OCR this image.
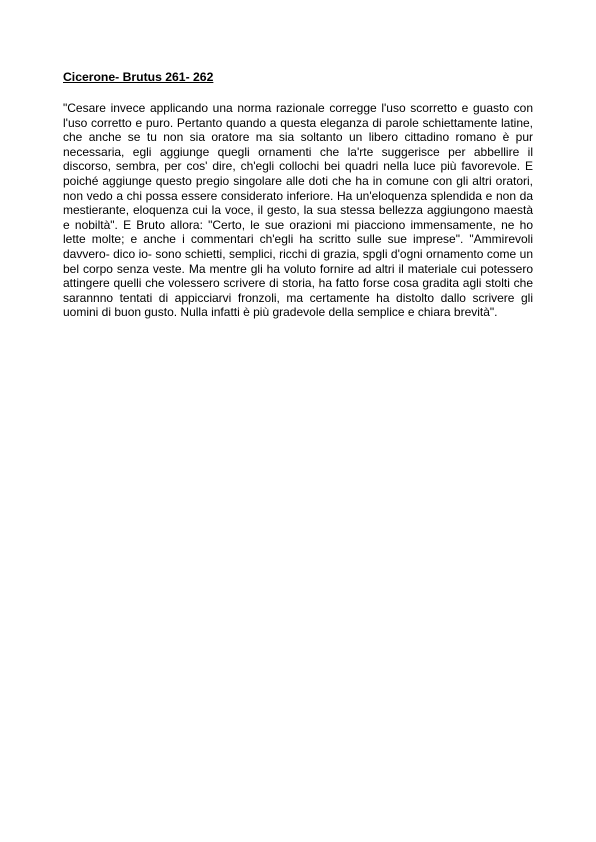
Cicerone- Brutus 261- 262

"Cesare invece applicando una norma razionale corregge l'uso scorretto e guasto con l'uso corretto e puro. Pertanto quando a questa eleganza di parole schiettamente latine, che anche se tu non sia oratore ma sia soltanto un libero cittadino romano è pur necessaria, egli aggiunge quegli ornamenti che la'rte suggerisce per abbellire il discorso, sembra, per cos' dire, ch'egli collochi bei quadri nella luce più favorevole. E poiché aggiunge questo pregio singolare alle doti che ha in comune con gli altri oratori, non vedo a chi possa essere considerato inferiore. Ha un'eloquenza splendida e non da mestierante, eloquenza cui la voce, il gesto, la sua stessa bellezza aggiungono maestà e nobiltà". E Bruto allora: "Certo, le sue orazioni mi piacciono immensamente, ne ho lette molte; e anche i commentari ch'egli ha scritto sulle sue imprese". "Ammirevoli davvero- dico io- sono schietti, semplici, ricchi di grazia, spgli d'ogni ornamento come un bel corpo senza veste. Ma mentre gli ha voluto fornire ad altri il materiale cui potessero attingere quelli che volessero scrivere di storia, ha fatto forse cosa gradita agli stolti che sarannno tentati di appicciarvi fronzoli, ma certamente ha distolto dallo scrivere gli uomini di buon gusto. Nulla infatti è più gradevole della semplice e chiara brevità".
